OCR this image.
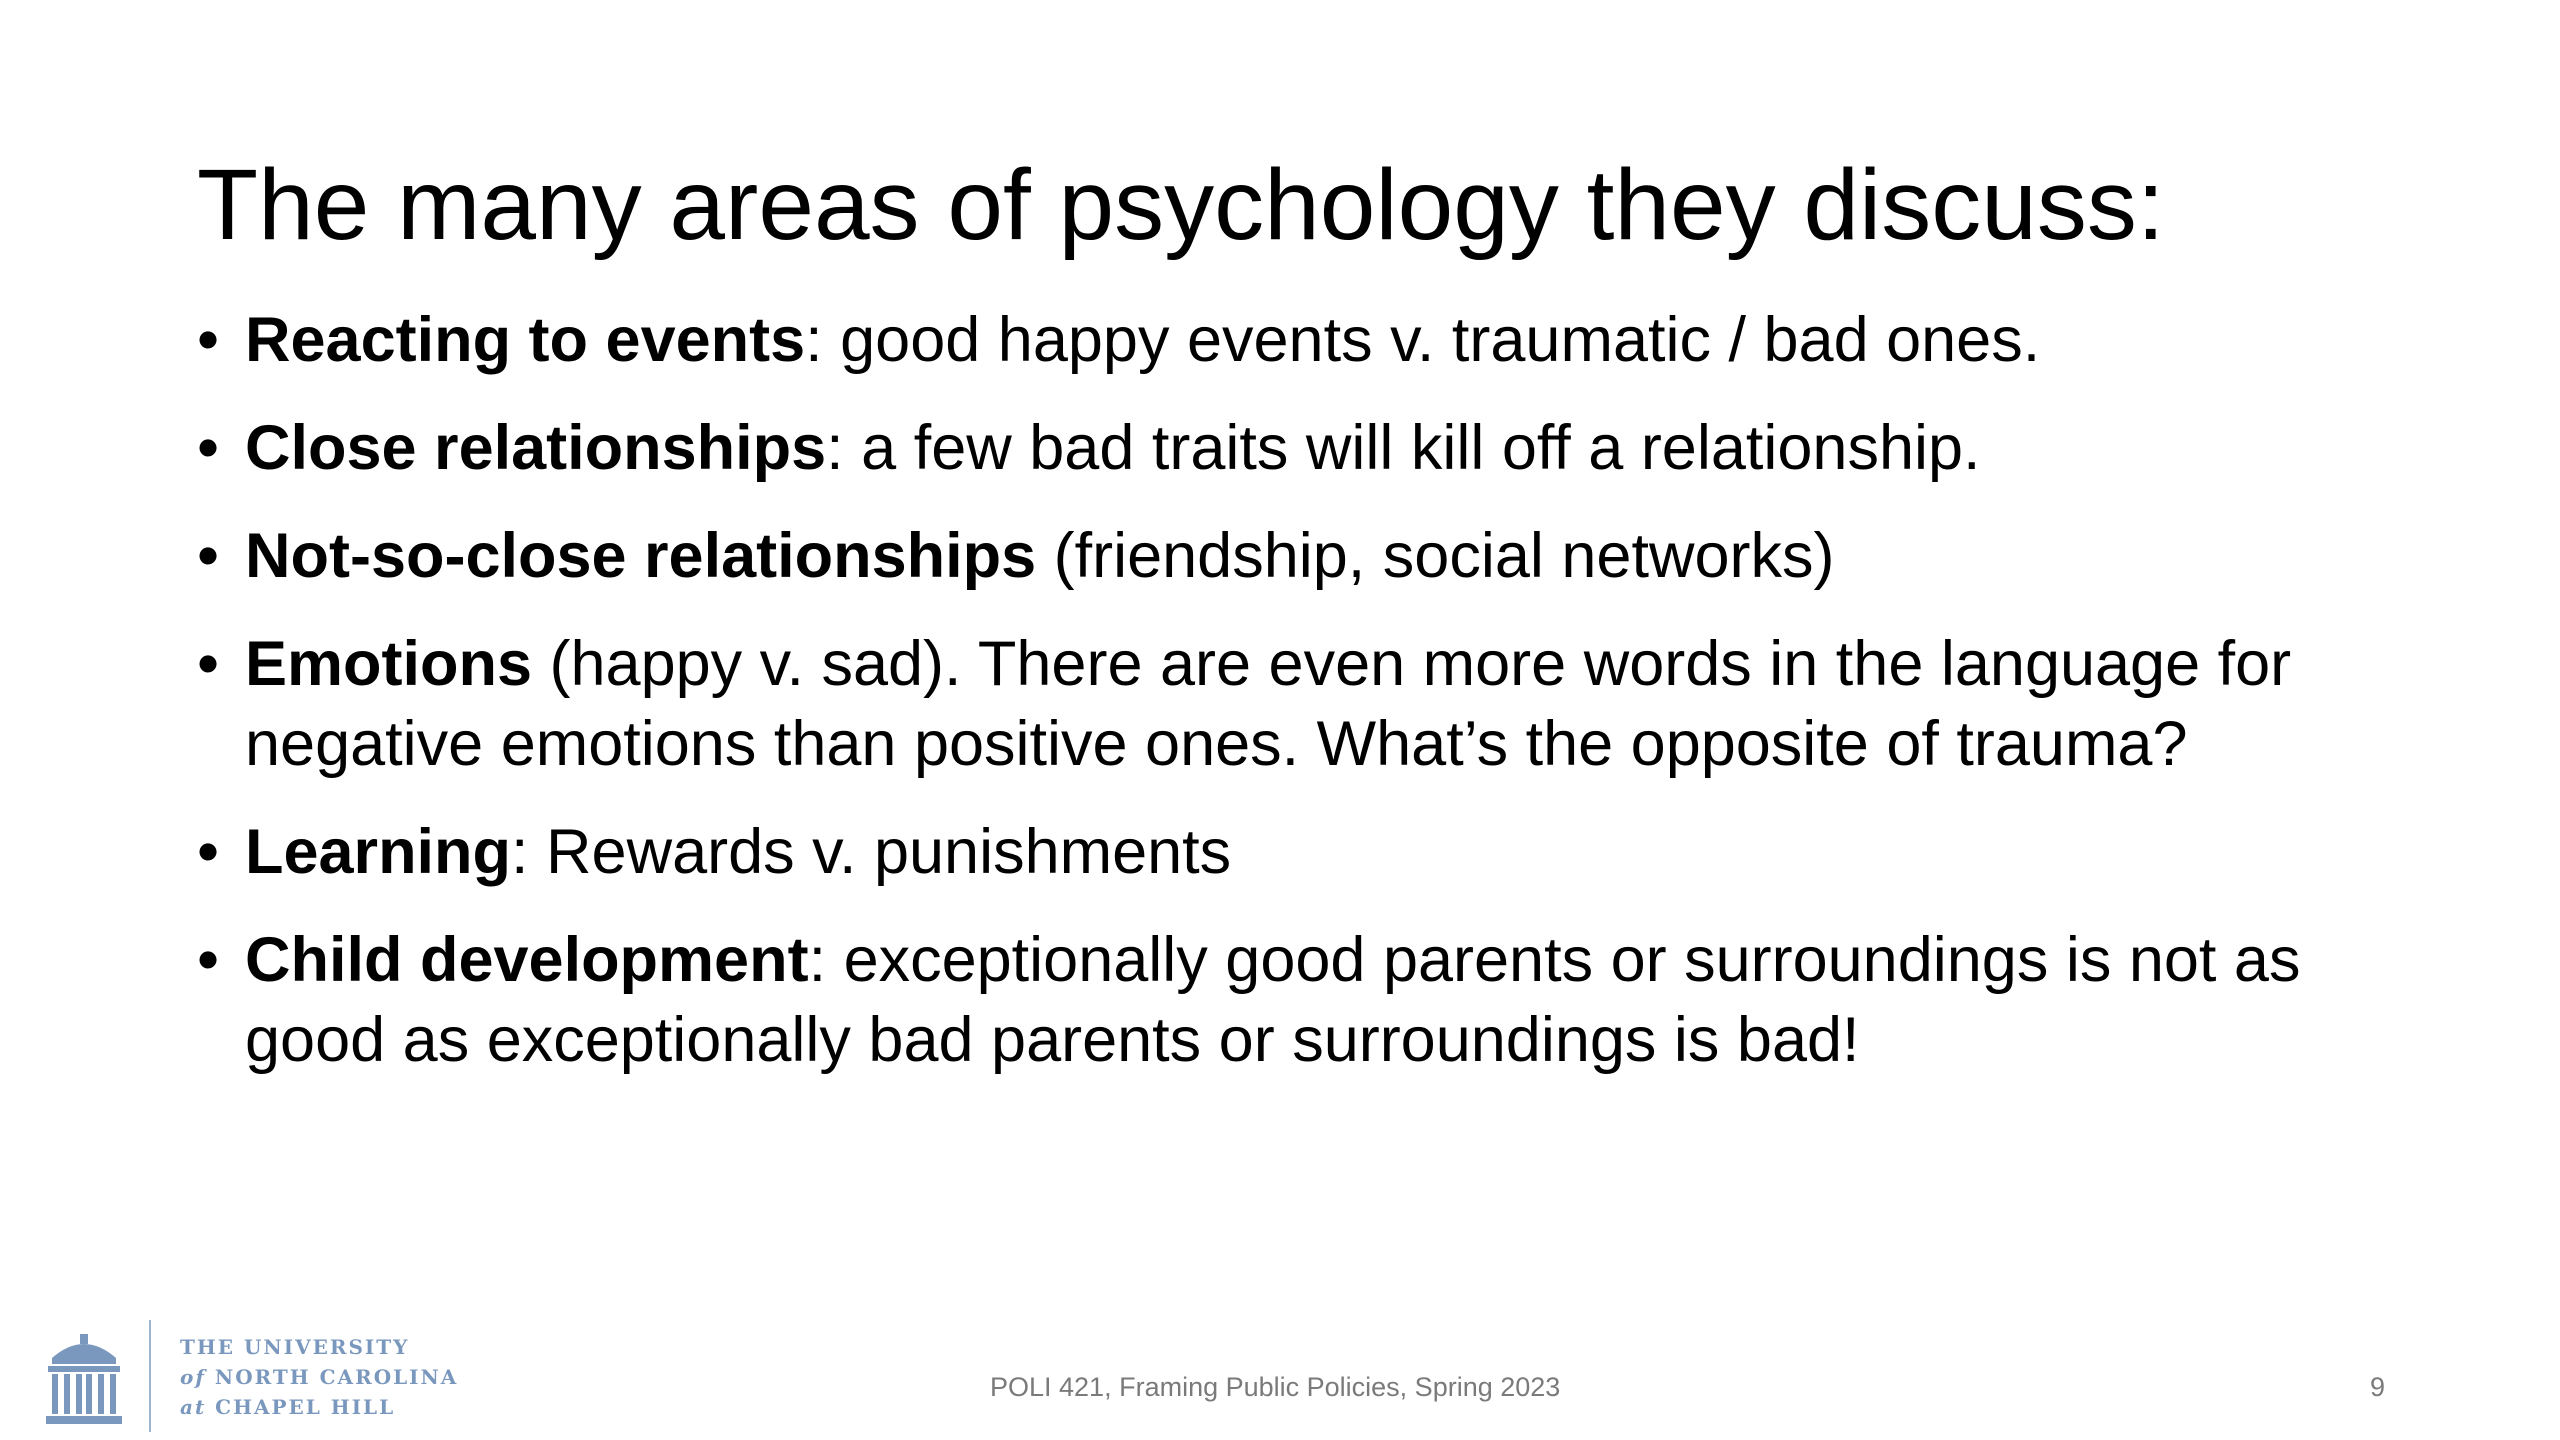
The many areas of psychology they discuss:
• Reacting to events: good happy events v. traumatic / bad ones.
• Close relationships: a few bad traits will kill off a relationship.
• Not-so-close relationships (friendship, social networks)
• Emotions (happy v. sad). There are even more words in the language for negative emotions than positive ones. What’s the opposite of trauma?
• Learning: Rewards v. punishments
• Child development: exceptionally good parents or surroundings is not as good as exceptionally bad parents or surroundings is bad!
THE UNIVERSITY
of NORTH CAROLINA
at CHAPEL HILL
POLI 421, Framing Public Policies, Spring 2023	9
